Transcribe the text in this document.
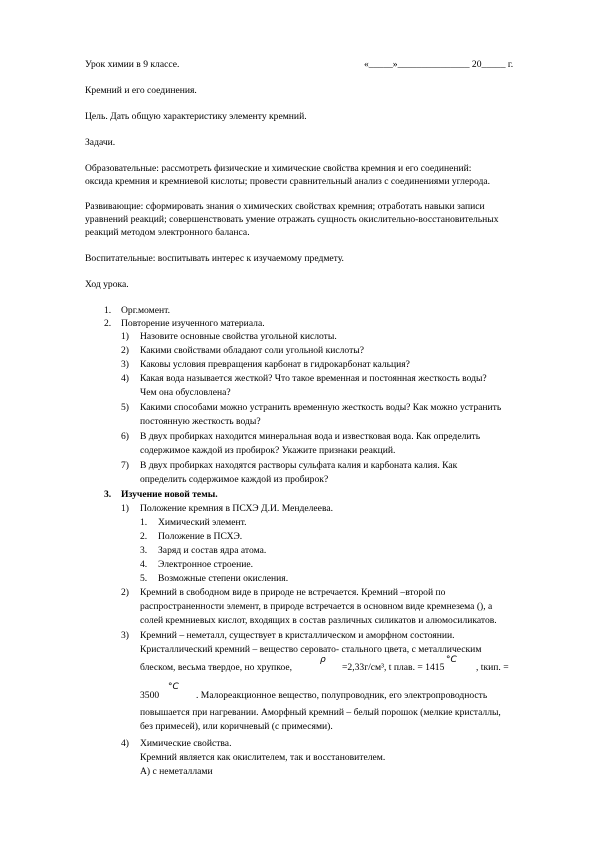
Урок химии в 9 классе.	«_____»_______________ 20_____ г.
Кремний и его соединения.
Цель. Дать общую характеристику элементу кремний.
Задачи.
Образовательные: рассмотреть физические и химические свойства кремния и его соединений:
оксида кремния и кремниевой кислоты; провести сравнительный анализ с соединениями углерода.
Развивающие: сформировать знания о химических свойствах кремния; отработать навыки записи
уравнений реакций; совершенствовать умение отражать сущность окислительно-восстановительных
реакций методом электронного баланса.
Воспитательные: воспитывать интерес к изучаемому предмету.
Ход урока.
1. Орг.момент.
2. Повторение изученного материала.
1) Назовите основные свойства угольной кислоты.
2) Какими свойствами обладают соли угольной кислоты?
3) Каковы условия превращения карбонат в гидрокарбонат кальция?
4) Какая вода называется жесткой? Что такое временная и постоянная жесткость воды?
Чем она обусловлена?
5) Какими способами можно устранить временную жесткость воды? Как можно устранить
постоянную жесткость воды?
6) В двух пробирках находится минеральная вода и известковая вода. Как определить
содержимое каждой из пробирок? Укажите признаки реакций.
7) В двух пробирках находятся растворы сульфата калия и карбоната калия. Как
определить содержимое каждой из пробирок?
3. Изучение новой темы.
1) Положение кремния в ПСХЭ Д.И. Менделеева.
1. Химический элемент.
2. Положение в ПСХЭ.
3. Заряд и состав ядра атома.
4. Электронное строение.
5. Возможные степени окисления.
2) Кремний в свободном виде в природе не встречается. Кремний –второй по
распространенности элемент, в природе встречается в основном виде кремнезема (), а
солей кремниевых кислот, входящих в состав различных силикатов и алюмосиликатов.
3) Кремний – неметалл, существует в кристаллическом и аморфном состоянии.
Кристаллический кремний – вещество серовато- стального цвета, с металлическим
блеском, весьма твердое, но хрупкое,
ρ
=2,33г/см³, t плав. = 1415
°C
, tкип. =
3500
°C
. Малореакционное вещество, полупроводник, его электропроводность
повышается при нагревании. Аморфный кремний – белый порошок (мелкие кристаллы,
без примесей), или коричневый (с примесями).
4) Химические свойства.
Кремний является как окислителем, так и восстановителем.
А) с неметаллами
